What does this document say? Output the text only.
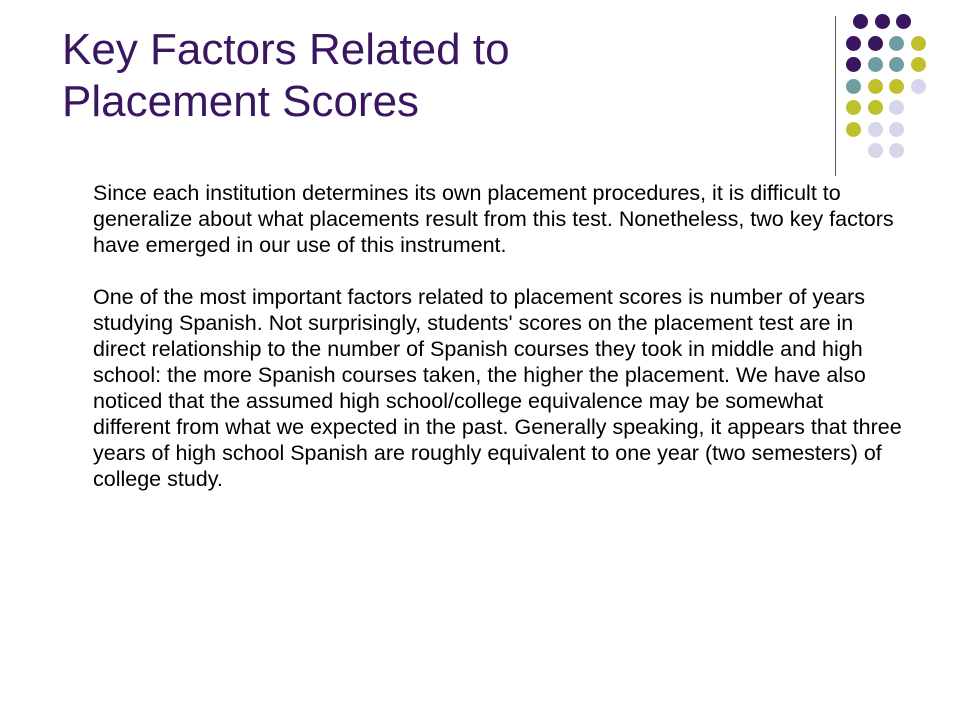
Key Factors Related to
Placement Scores

Since each institution determines its own placement procedures, it is difficult to generalize about what placements result from this test. Nonetheless, two key factors have emerged in our use of this instrument.

One of the most important factors related to placement scores is number of years studying Spanish. Not surprisingly, students' scores on the placement test are in direct relationship to the number of Spanish courses they took in middle and high school: the more Spanish courses taken, the higher the placement. We have also noticed that the assumed high school/college equivalence may be somewhat different from what we expected in the past. Generally speaking, it appears that three years of high school Spanish are roughly equivalent to one year (two semesters) of college study.
